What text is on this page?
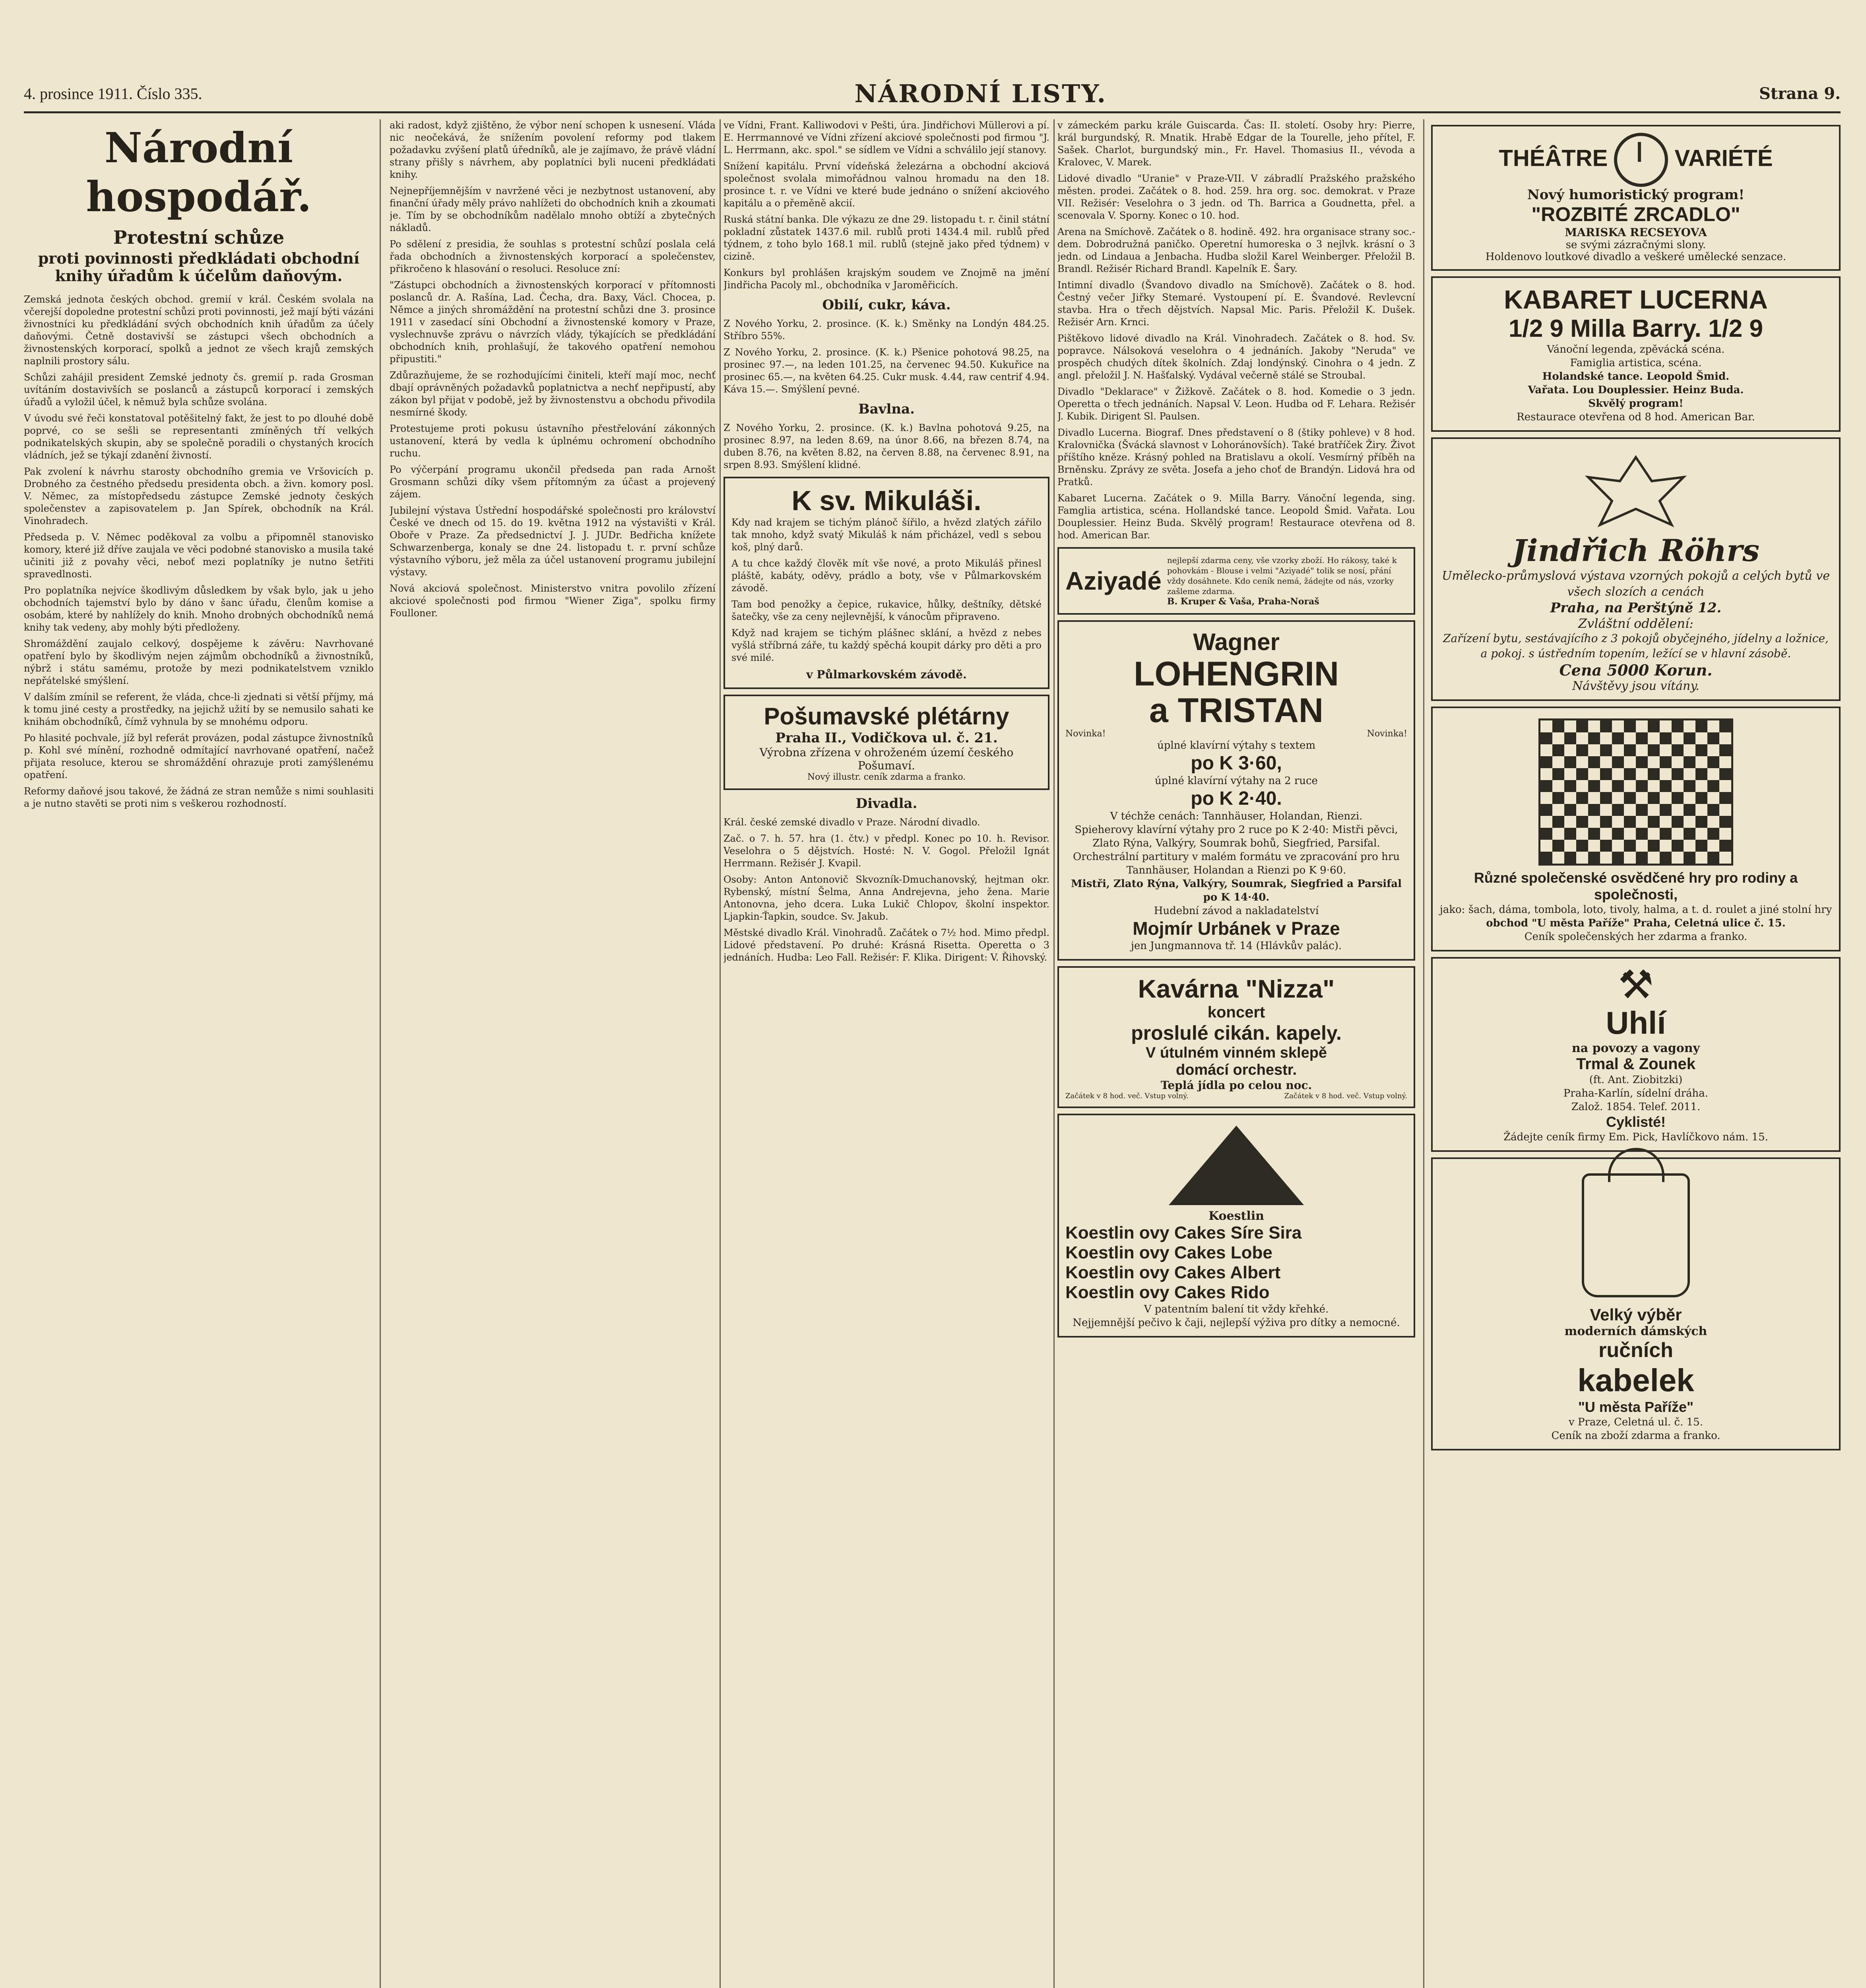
4. prosince 1911. Číslo 335.	NÁRODNÍ LISTY.	Strana 9.
Národní hospodář.
Protestní schůze
proti povinnosti předkládati obchodní knihy úřadům k účelům daňovým.

Zemská jednota českých obchod. gremií v král. Českém svolala na včerejší dopoledne protestní schůzi proti povinnosti, jež mají býti vázáni živnostníci ku předkládání svých obchodních knih úřadům za účely daňovými. Četně dostavivší se zástupci všech obchodních a živnostenských korporací, spolků a jednot ze všech krajů zemských naplnili prostory sálu.

Schůzi zahájil president Zemské jednoty čs. gremií p. rada Grosman uvítáním dostavivších se poslanců a zástupců korporací i zemských úřadů a vyložil účel, k němuž byla schůze svolána.

V úvodu své řeči konstatoval potěšitelný fakt, že jest to po dlouhé době poprvé, co se sešli se representanti zmíněných tří velkých podnikatelských skupin, aby se společně poradili o chystaných krocích vládních, jež se týkají zdanění živností.

Pak zvolení k návrhu starosty obchodního gremia ve Vršovicích p. Drobného za čestného předsedu presidenta obch. a živn. komory posl. V. Němec, za místopředsedu zástupce Zemské jednoty českých společenstev a zapisovatelem p. Jan Spírek, obchodník na Král. Vinohradech.

Předseda p. V. Němec poděkoval za volbu a připomněl stanovisko komory, které již dříve zaujala ve věci podobné stanovisko a musila také učiniti již z povahy věci, neboť mezi poplatníky je nutno šetřiti spravedlnosti.

Pro poplatníka nejvíce škodlivým důsledkem by však bylo, jak u jeho obchodních tajemství bylo by dáno v šanc úřadu, členům komise a osobám, které by nahlížely do knih. Mnoho drobných obchodníků nemá knihy tak vedeny, aby mohly býti předloženy.

Shromáždění zaujalo celkový, dospějeme k závěru: Navrhované opatření bylo by škodlivým nejen zájmům obchodníků a živnostníků, nýbrž i státu samému, protože by mezi podnikatelstvem vzniklo nepřátelské smýšlení.

V dalším zmínil se referent, že vláda, chce-li zjednati si větší příjmy, má k tomu jiné cesty a prostředky, na jejichž užití by se nemusilo sahati ke knihám obchodníků, čímž vyhnula by se mnohému odporu.

Po hlasité pochvale, jíž byl referát provázen, podal zástupce živnostníků p. Kohl své mínění, rozhodně odmítající navrhované opatření, načež přijata resoluce, kterou se shromáždění ohrazuje proti zamýšlenému opatření.

Reformy daňové jsou takové, že žádná ze stran nemůže s nimi souhlasiti a je nutno stavěti se proti nim s veškerou rozhodností.

aki radost, když zjištěno, že výbor není schopen k usnesení. Vláda nic neočekává, že snížením povolení reformy pod tlakem požadavku zvýšení platů úředníků, ale je zajímavo, že právě vládní strany přišly s návrhem, aby poplatníci byli nuceni předkládati knihy.

Nejnepříjemnějším v navržené věci je nezbytnost ustanovení, aby finanční úřady měly právo nahlížeti do obchodních knih a zkoumati je. Tím by se obchodníkům nadělalo mnoho obtíží a zbytečných nákladů.

Po sdělení z presidia, že souhlas s protestní schůzí poslala celá řada obchodních a živnostenských korporací a společenstev, přikročeno k hlasování o resoluci. Resoluce zní:

"Zástupci obchodních a živnostenských korporací v přítomnosti poslanců dr. A. Rašína, Lad. Čecha, dra. Baxy, Václ. Chocea, p. Němce a jiných shromáždění na protestní schůzi dne 3. prosince 1911 v zasedací síni Obchodní a živnostenské komory v Praze, vyslechnuvše zprávu o návrzích vlády, týkajících se předkládání obchodních knih, prohlašují, že takového opatření nemohou připustiti."

Zdůrazňujeme, že se rozhodujícími činiteli, kteří mají moc, nechť dbají oprávněných požadavků poplatnictva a nechť nepřipustí, aby zákon byl přijat v podobě, jež by živnostenstvu a obchodu přivodila nesmírné škody.

Protestujeme proti pokusu ústavního přestřelování zákonných ustanovení, která by vedla k úplnému ochromení obchodního ruchu.

Po výčerpání programu ukončil předseda pan rada Arnošt Grosmann schůzi díky všem přítomným za účast a projevený zájem.

Jubilejní výstava Ústřední hospodářské společnosti pro království České ve dnech od 15. do 19. května 1912 na výstavišti v Král. Oboře v Praze. Za předsednictví J. J. JUDr. Bedřicha knížete Schwarzenberga, konaly se dne 24. listopadu t. r. první schůze výstavního výboru, jež měla za účel ustanovení programu jubilejní výstavy.

Nová akciová společnost. Ministerstvo vnitra povolilo zřízení akciové společnosti pod firmou "Wiener Ziga", spolku firmy Foulloner.

ve Vídni, Frant. Kalliwodovi v Pešti, úra. Jindřichovi Müllerovi a pí. E. Herrmannové ve Vídni zřízení akciové společnosti pod firmou "J. L. Herrmann, akc. spol." se sídlem ve Vídni a schválilo její stanovy.

Snížení kapitálu. První vídeňská železárna a obchodní akciová společnost svolala mimořádnou valnou hromadu na den 18. prosince t. r. ve Vídni ve které bude jednáno o snížení akciového kapitálu a o přeměně akcií.

Ruská státní banka. Dle výkazu ze dne 29. listopadu t. r. činil státní pokladní zůstatek 1437.6 mil. rublů proti 1434.4 mil. rublů před týdnem, z toho bylo 168.1 mil. rublů (stejně jako před týdnem) v cizině.

Konkurs byl prohlášen krajským soudem ve Znojmě na jmění Jindřicha Pacoly ml., obchodníka v Jaroměřicích.

Obilí, cukr, káva.

Z Nového Yorku, 2. prosince. (K. k.) Směnky na Londýn 484.25. Stříbro 55%.

Z Nového Yorku, 2. prosince. (K. k.) Pšenice pohotová 98.25, na prosinec 97.—, na leden 101.25, na červenec 94.50. Kukuřice na prosinec 65.—, na květen 64.25. Cukr musk. 4.44, raw centrif 4.94. Káva 15.—. Smýšlení pevné.

Bavlna.

Z Nového Yorku, 2. prosince. (K. k.) Bavlna pohotová 9.25, na prosinec 8.97, na leden 8.69, na únor 8.66, na březen 8.74, na duben 8.76, na květen 8.82, na červen 8.88, na červenec 8.91, na srpen 8.93. Smýšlení klidné.

K sv. Mikuláši.

Kdy nad krajem se tichým plánoč šířilo, a hvězd zlatých zářilo tak mnoho, když svatý Mikuláš k nám přicházel, vedl s sebou koš, plný darů.

A tu chce každý člověk mít vše nové, a proto Mikuláš přinesl pláště, kabáty, oděvy, prádlo a boty, vše v Půlmarkovském závodě.

Tam bod penožky a čepice, rukavice, hůlky, deštníky, dětské šatečky, vše za ceny nejlevnější, k vánocům připraveno.

Když nad krajem se tichým plášnec sklání, a hvězd z nebes vyšlá stříbrná záře, tu každý spěchá koupit dárky pro děti a pro své milé.

v Půlmarkovském závodě.
Pošumavské plétárny
Praha II., Vodičkova ul. č. 21.
Výrobna zřízena v ohroženém území českého Pošumaví.
Nový illustr. ceník zdarma a franko.
Divadla.

Král. české zemské divadlo v Praze. Národní divadlo.

Zač. o 7. h. 57. hra (1. čtv.) v předpl. Konec po 10. h. Revisor. Veselohra o 5 dějstvích. Hosté: N. V. Gogol. Přeložil Ignát Herrmann. Režisér J. Kvapil.

Osoby: Anton Antonovič Skvozník-Dmuchanovský, hejtman okr. Rybenský, místní Šelma, Anna Andrejevna, jeho žena. Marie Antonovna, jeho dcera. Luka Lukič Chlopov, školní inspektor. Ljapkin-Ťapkin, soudce. Sv. Jakub.

Městské divadlo Král. Vinohradů. Začátek o 7½ hod. Mimo předpl. Lidové představení. Po druhé: Krásná Risetta. Operetta o 3 jednáních. Hudba: Leo Fall. Režisér: F. Klika. Dirigent: V. Řihovský.

v zámeckém parku krále Guiscarda. Čas: II. století. Osoby hry: Pierre, král burgundský, R. Mnatik. Hrabě Edgar de la Tourelle, jeho přítel, F. Sašek. Charlot, burgundský min., Fr. Havel. Thomasius II., vévoda a Kralovec, V. Marek.

Lidové divadlo "Uranie" v Praze-VII. V zábradlí Pražského pražského městen. prodei. Začátek o 8. hod. 259. hra org. soc. demokrat. v Praze VII. Režisér: Veselohra o 3 jedn. od Th. Barrica a Goudnetta, přel. a scenovala V. Sporny. Konec o 10. hod.

Arena na Smíchově. Začátek o 8. hodině. 492. hra organisace strany soc.-dem. Dobrodružná paničko. Operetní humoreska o 3 nejlvk. krásní o 3 jedn. od Lindaua a Jenbacha. Hudba složil Karel Weinberger. Přeložil B. Brandl. Režisér Richard Brandl. Kapelník E. Šary.

Intimní divadlo (Švandovo divadlo na Smíchově). Začátek o 8. hod. Čestný večer Jiřky Stemaré. Vystoupení pí. E. Švandové. Revlevcní stavba. Hra o třech dějstvích. Napsal Mic. Paris. Přeložil K. Dušek. Režisér Arn. Krnci.

Pištěkovo lidové divadlo na Král. Vinohradech. Začátek o 8. hod. Sv. popravce. Nálsoková veselohra o 4 jednáních. Jakoby "Neruda" ve prospěch chudých dítek školních. Zdaj londýnský. Cinohra o 4 jedn. Z angl. přeložil J. N. Hašťalský. Vydával večerně stálé se Stroubal.

Divadlo "Deklarace" v Žižkově. Začátek o 8. hod. Komedie o 3 jedn. Operetta o třech jednáních. Napsal V. Leon. Hudba od F. Lehara. Režisér J. Kubik. Dirigent Sl. Paulsen.

Divadlo Lucerna. Biograf. Dnes představení o 8 (štiky pohleve) v 8 hod. Kralovnička (Švácká slavnost v Lohoránovších). Také bratříček Žiry. Život příštího kněze. Krásný pohled na Bratislavu a okolí. Vesmírný příběh na Brněnsku. Zprávy ze světa. Josefa a jeho choť de Brandýn. Lidová hra od Pratků.

Kabaret Lucerna. Začátek o 9. Milla Barry. Vánoční legenda, sing. Famglia artistica, scéna. Hollandské tance. Leopold Šmid. Vařata. Lou Douplessier. Heinz Buda. Skvělý program! Restaurace otevřena od 8. hod. American Bar.

Aziyadé
nejlepší zdarma ceny, vše vzorky zboží. Ho rákosy, také k pohovkám - Blouse i velmi "Aziyadé" tolik se nosí, přání vždy dosáhnete. Kdo ceník nemá, žádejte od nás, vzorky zašleme zdarma.
B. Kruper & Vaša, Praha-Noraš
Wagner
LOHENGRIN
a TRISTAN
Novinka!	Novinka!
úplné klavírní výtahy s textem
po K 3·60,
úplné klavírní výtahy na 2 ruce
po K 2·40.
V téchže cenách: Tannhäuser, Holandan, Rienzi.
Spieherovy klavírní výtahy pro 2 ruce po K 2·40: Mistři pěvci, Zlato Rýna, Valkýry, Soumrak bohů, Siegfried, Parsifal.
Orchestrální partitury v malém formátu ve zpracování pro hru Tannhäuser, Holandan a Rienzi po K 9·60.
Mistři, Zlato Rýna, Valkýry, Soumrak, Siegfried a Parsifal po K 14·40.
Hudební závod a nakladatelství
Mojmír Urbánek v Praze
jen Jungmannova tř. 14 (Hlávkův palác).
Kavárna "Nizza"
koncert
proslulé cikán. kapely.
V útulném vinném sklepě
domácí orchestr.
Teplá jídla po celou noc.
Začátek v 8 hod. več. Vstup volný.	Začátek v 8 hod. več. Vstup volný.
Koestlin
Koestlin ovy Cakes Síre Sira
Koestlin ovy Cakes Lobe
Koestlin ovy Cakes Albert
Koestlin ovy Cakes Rido
V patentním balení tit vždy křehké.
Nejjemnější pečivo k čaji, nejlepší výživa pro dítky a nemocné.
THÉÂTRE	VARIÉTÉ
Nový humoristický program!
"ROZBITÉ ZRCADLO"
MARISKA RECSEYOVA
se svými zázračnými slony.
Holdenovo loutkové divadlo a veškeré umělecké senzace.
KABARET LUCERNA
1/2 9 Milla Barry. 1/2 9
Vánoční legenda, zpěvácká scéna.
Famiglia artistica, scéna.
Holandské tance. Leopold Šmid.
Vařata. Lou Douplessier. Heinz Buda.
Skvělý program!
Restaurace otevřena od 8 hod. American Bar.
Jindřich Röhrs
Umělecko-průmyslová výstava vzorných pokojů a celých bytů ve všech slozích a cenách
Praha, na Perštýně 12.
Zvláštní oddělení:
Zařízení bytu, sestávajícího z 3 pokojů obyčejného, jídelny a ložnice, a pokoj. s ústředním topením, ležící se v hlavní zásobě.
Cena 5000 Korun.
Návštěvy jsou vítány.
Různé společenské osvědčené hry pro rodiny a společnosti,
jako: šach, dáma, tombola, loto, tivoly, halma, a t. d. roulet a jiné stolní hry
obchod "U města Paříže" Praha, Celetná ulice č. 15.
Ceník společenských her zdarma a franko.
⚒
Uhlí
na povozy a vagony
Trmal & Zounek
(ft. Ant. Ziobitzki)
Praha-Karlín, sídelní dráha.
Založ. 1854. Telef. 2011.
Cyklisté!
Žádejte ceník firmy Em. Pick, Havlíčkovo nám. 15.
Velký výběr
moderních dámských
ručních
kabelek
"U města Paříže"
v Praze, Celetná ul. č. 15.
Ceník na zboží zdarma a franko.
